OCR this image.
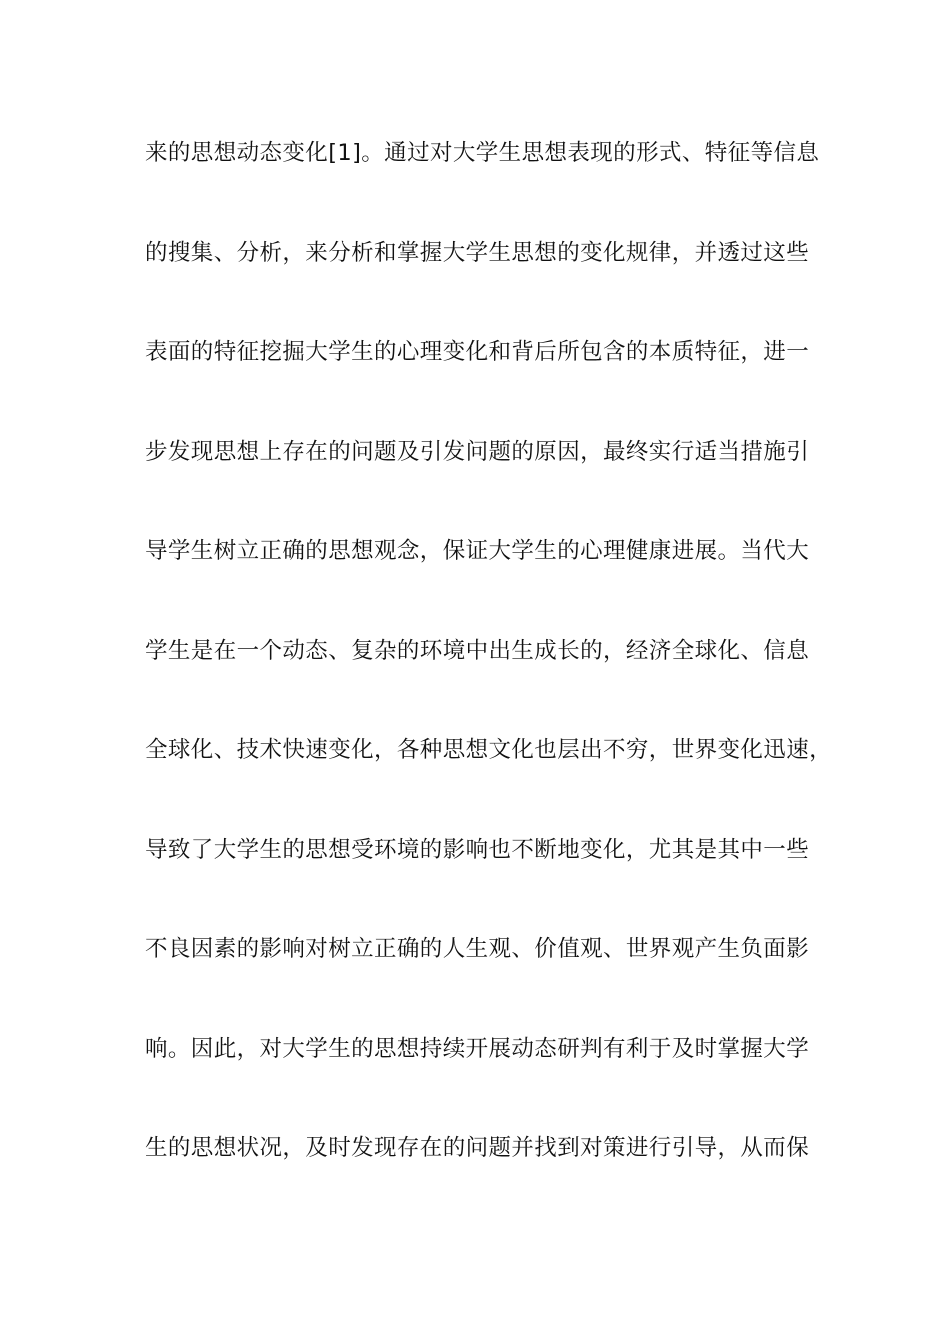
来的思想动态变化[1]。通过对大学生思想表现的形式、特征等信息
的搜集、分析，来分析和掌握大学生思想的变化规律，并透过这些
表面的特征挖掘大学生的心理变化和背后所包含的本质特征，进一
步发现思想上存在的问题及引发问题的原因，最终实行适当措施引
导学生树立正确的思想观念，保证大学生的心理健康进展。当代大
学生是在一个动态、复杂的环境中出生成长的，经济全球化、信息
全球化、技术快速变化，各种思想文化也层出不穷，世界变化迅速，
导致了大学生的思想受环境的影响也不断地变化，尤其是其中一些
不良因素的影响对树立正确的人生观、价值观、世界观产生负面影
响。因此，对大学生的思想持续开展动态研判有利于及时掌握大学
生的思想状况，及时发现存在的问题并找到对策进行引导，从而保
